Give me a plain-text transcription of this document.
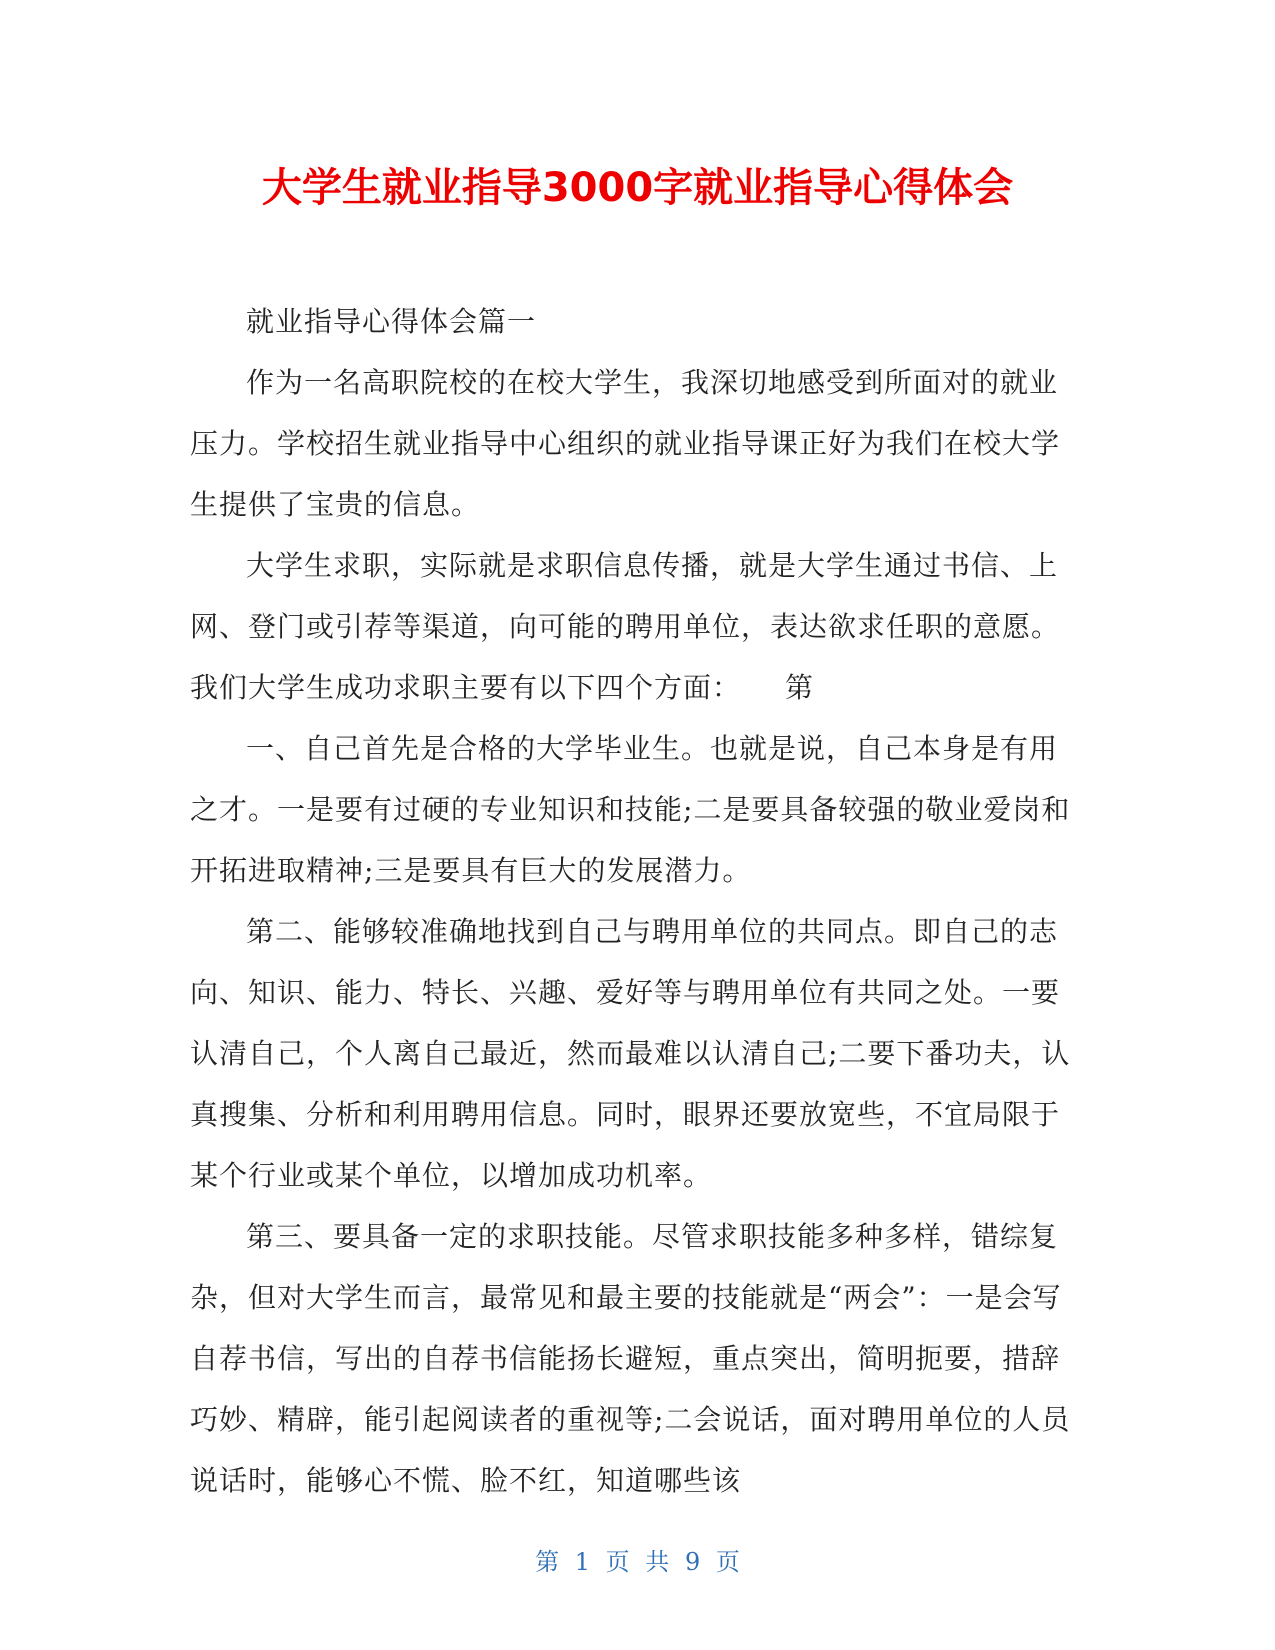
大学生就业指导3000字就业指导心得体会

就业指导心得体会篇一

作为一名高职院校的在校大学生，我深切地感受到所面对的就业压力。学校招生就业指导中心组织的就业指导课正好为我们在校大学生提供了宝贵的信息。

大学生求职，实际就是求职信息传播，就是大学生通过书信、上网、登门或引荐等渠道，向可能的聘用单位，表达欲求任职的意愿。我们大学生成功求职主要有以下四个方面：　　第

一、自己首先是合格的大学毕业生。也就是说，自己本身是有用之才。一是要有过硬的专业知识和技能;二是要具备较强的敬业爱岗和开拓进取精神;三是要具有巨大的发展潜力。

第二、能够较准确地找到自己与聘用单位的共同点。即自己的志向、知识、能力、特长、兴趣、爱好等与聘用单位有共同之处。一要认清自己，个人离自己最近，然而最难以认清自己;二要下番功夫，认真搜集、分析和利用聘用信息。同时，眼界还要放宽些，不宜局限于某个行业或某个单位，以增加成功机率。

第三、要具备一定的求职技能。尽管求职技能多种多样，错综复杂，但对大学生而言，最常见和最主要的技能就是“两会”：一是会写自荐书信，写出的自荐书信能扬长避短，重点突出，简明扼要，措辞巧妙、精辟，能引起阅读者的重视等;二会说话，面对聘用单位的人员说话时，能够心不慌、脸不红，知道哪些该

第 1 页 共 9 页
